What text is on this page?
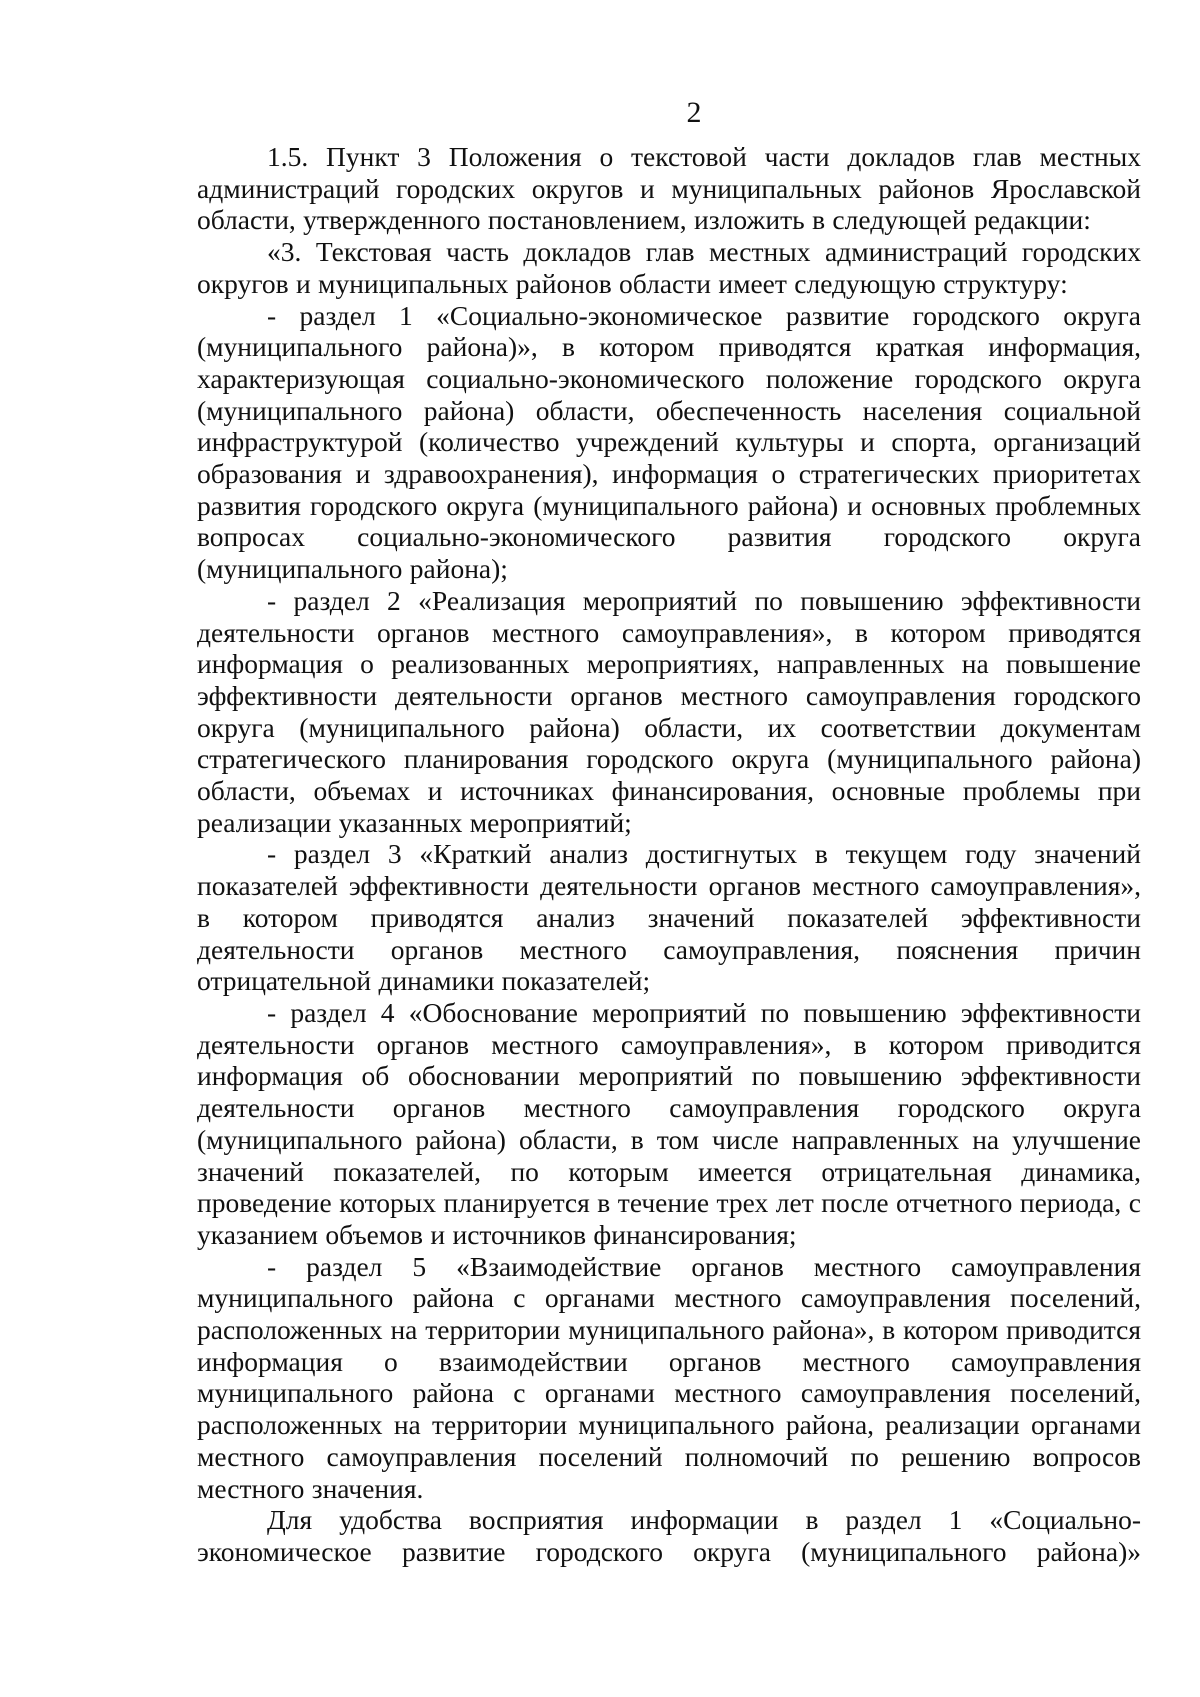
2

1.5. Пункт 3 Положения о текстовой части докладов глав местных администраций городских округов и муниципальных районов Ярославской области, утвержденного постановлением, изложить в следующей редакции:

«3. Текстовая часть докладов глав местных администраций городских округов и муниципальных районов области имеет следующую структуру:

- раздел 1 «Социально-экономическое развитие городского округа (муниципального района)», в котором приводятся краткая информация, характеризующая социально-экономического положение городского округа (муниципального района) области, обеспеченность населения социальной инфраструктурой (количество учреждений культуры и спорта, организаций образования и здравоохранения), информация о стратегических приоритетах развития городского округа (муниципального района) и основных проблемных вопросах социально-экономического развития городского округа (муниципального района);

- раздел 2 «Реализация мероприятий по повышению эффективности деятельности органов местного самоуправления», в котором приводятся информация о реализованных мероприятиях, направленных на повышение эффективности деятельности органов местного самоуправления городского округа (муниципального района) области, их соответствии документам стратегического планирования городского округа (муниципального района) области, объемах и источниках финансирования, основные проблемы при реализации указанных мероприятий;

- раздел 3 «Краткий анализ достигнутых в текущем году значений показателей эффективности деятельности органов местного самоуправления», в котором приводятся анализ значений показателей эффективности деятельности органов местного самоуправления, пояснения причин отрицательной динамики показателей;

- раздел 4 «Обоснование мероприятий по повышению эффективности деятельности органов местного самоуправления», в котором приводится информация об обосновании мероприятий по повышению эффективности деятельности органов местного самоуправления городского округа (муниципального района) области, в том числе направленных на улучшение значений показателей, по которым имеется отрицательная динамика, проведение которых планируется в течение трех лет после отчетного периода, с указанием объемов и источников финансирования;

- раздел 5 «Взаимодействие органов местного самоуправления муниципального района с органами местного самоуправления поселений, расположенных на территории муниципального района», в котором приводится информация о взаимодействии органов местного самоуправления муниципального района с органами местного самоуправления поселений, расположенных на территории муниципального района, реализации органами местного самоуправления поселений полномочий по решению вопросов местного значения.

Для удобства восприятия информации в раздел 1 «Социально-экономическое развитие городского округа (муниципального района)»
